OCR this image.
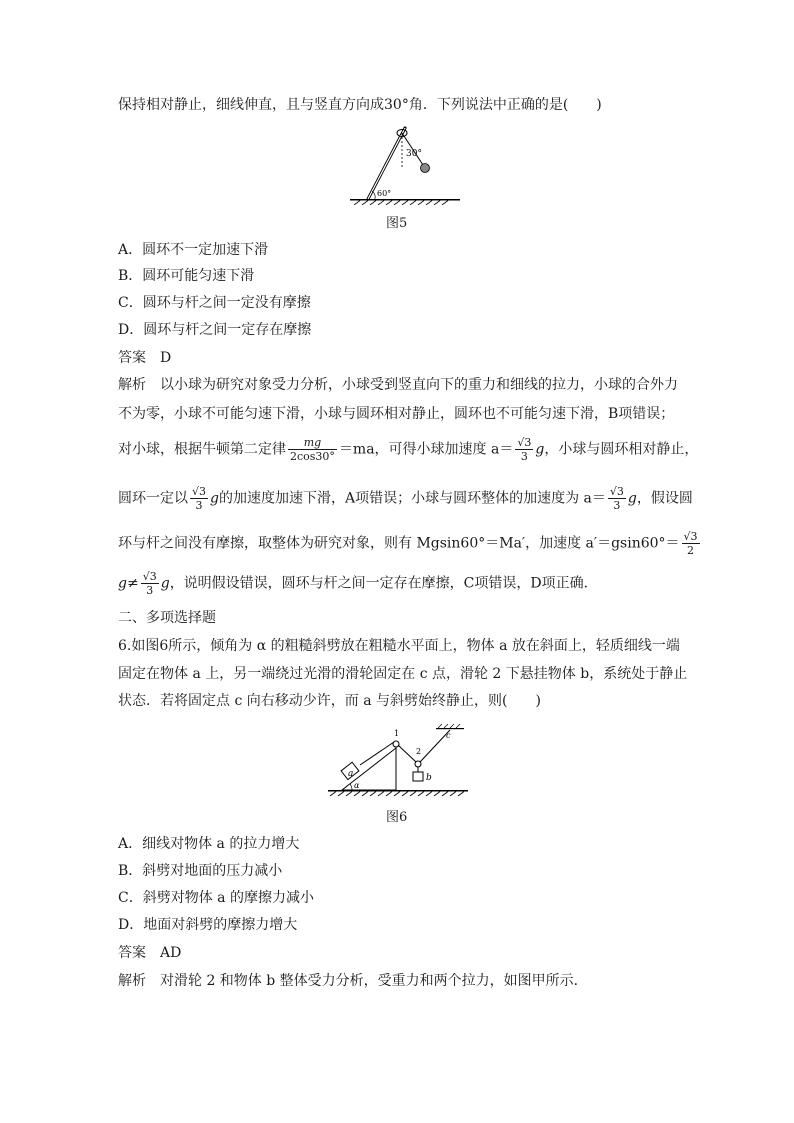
保持相对静止，细线伸直，且与竖直方向成30°角．下列说法中正确的是(　　)
30°
60°
图5
A．圆环不一定加速下滑
B．圆环可能匀速下滑
C．圆环与杆之间一定没有摩擦
D．圆环与杆之间一定存在摩擦
答案　D
解析　以小球为研究对象受力分析，小球受到竖直向下的重力和细线的拉力，小球的合外力
不为零，小球不可能匀速下滑，小球与圆环相对静止，圆环也不可能匀速下滑，B项错误；
对小球，根据牛顿第二定律 $\frac{mg}{2\cos 30^\circ} =ma$，可得小球加速度 $a= \frac{√3}{3}$ g，小球与圆环相对静止，
圆环一定以 $\frac{√3}{3}$ g的加速度加速下滑，A项错误；小球与圆环整体的加速度为 $a= \frac{√3}{3}$ g，假设圆
环与杆之间没有摩擦，取整体为研究对象，则有 Mgsin60°＝Ma′，加速度 $a'=gsin60^\circ= \frac{√3}{2}$
$g\ne \frac{√3}{3}$ g，说明假设错误，圆环与杆之间一定存在摩擦，C项错误，D项正确．
二、多项选择题
6.如图6所示，倾角为 α 的粗糙斜劈放在粗糙水平面上，物体 a 放在斜面上，轻质细线一端
固定在物体 a 上，另一端绕过光滑的滑轮固定在 c 点，滑轮 2 下悬挂物体 b，系统处于静止
状态．若将固定点 c 向右移动少许，而 a 与斜劈始终静止，则(　　)
a	b
1
2
c
α
图6
A．细线对物体 a 的拉力增大
B．斜劈对地面的压力减小
C．斜劈对物体 a 的摩擦力减小
D．地面对斜劈的摩擦力增大
答案　AD
解析　对滑轮 2 和物体 b 整体受力分析，受重力和两个拉力，如图甲所示．
